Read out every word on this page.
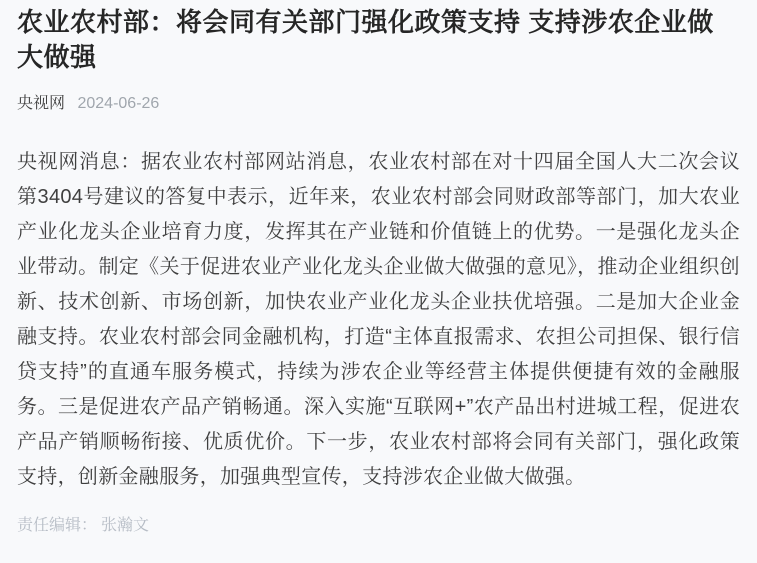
农业农村部：将会同有关部门强化政策支持 支持涉农企业做大做强
央视网 2024-06-26

央视网消息：据农业农村部网站消息，农业农村部在对十四届全国人大二次会议第3404号建议的答复中表示，近年来，农业农村部会同财政部等部门，加大农业产业化龙头企业培育力度，发挥其在产业链和价值链上的优势。一是强化龙头企业带动。制定《关于促进农业产业化龙头企业做大做强的意见》，推动企业组织创新、技术创新、市场创新，加快农业产业化龙头企业扶优培强。二是加大企业金融支持。农业农村部会同金融机构，打造“主体直报需求、农担公司担保、银行信贷支持”的直通车服务模式，持续为涉农企业等经营主体提供便捷有效的金融服务。三是促进农产品产销畅通。深入实施“互联网+”农产品出村进城工程，促进农产品产销顺畅衔接、优质优价。下一步，农业农村部将会同有关部门，强化政策支持，创新金融服务，加强典型宣传，支持涉农企业做大做强。

责任编辑： 张瀚文
